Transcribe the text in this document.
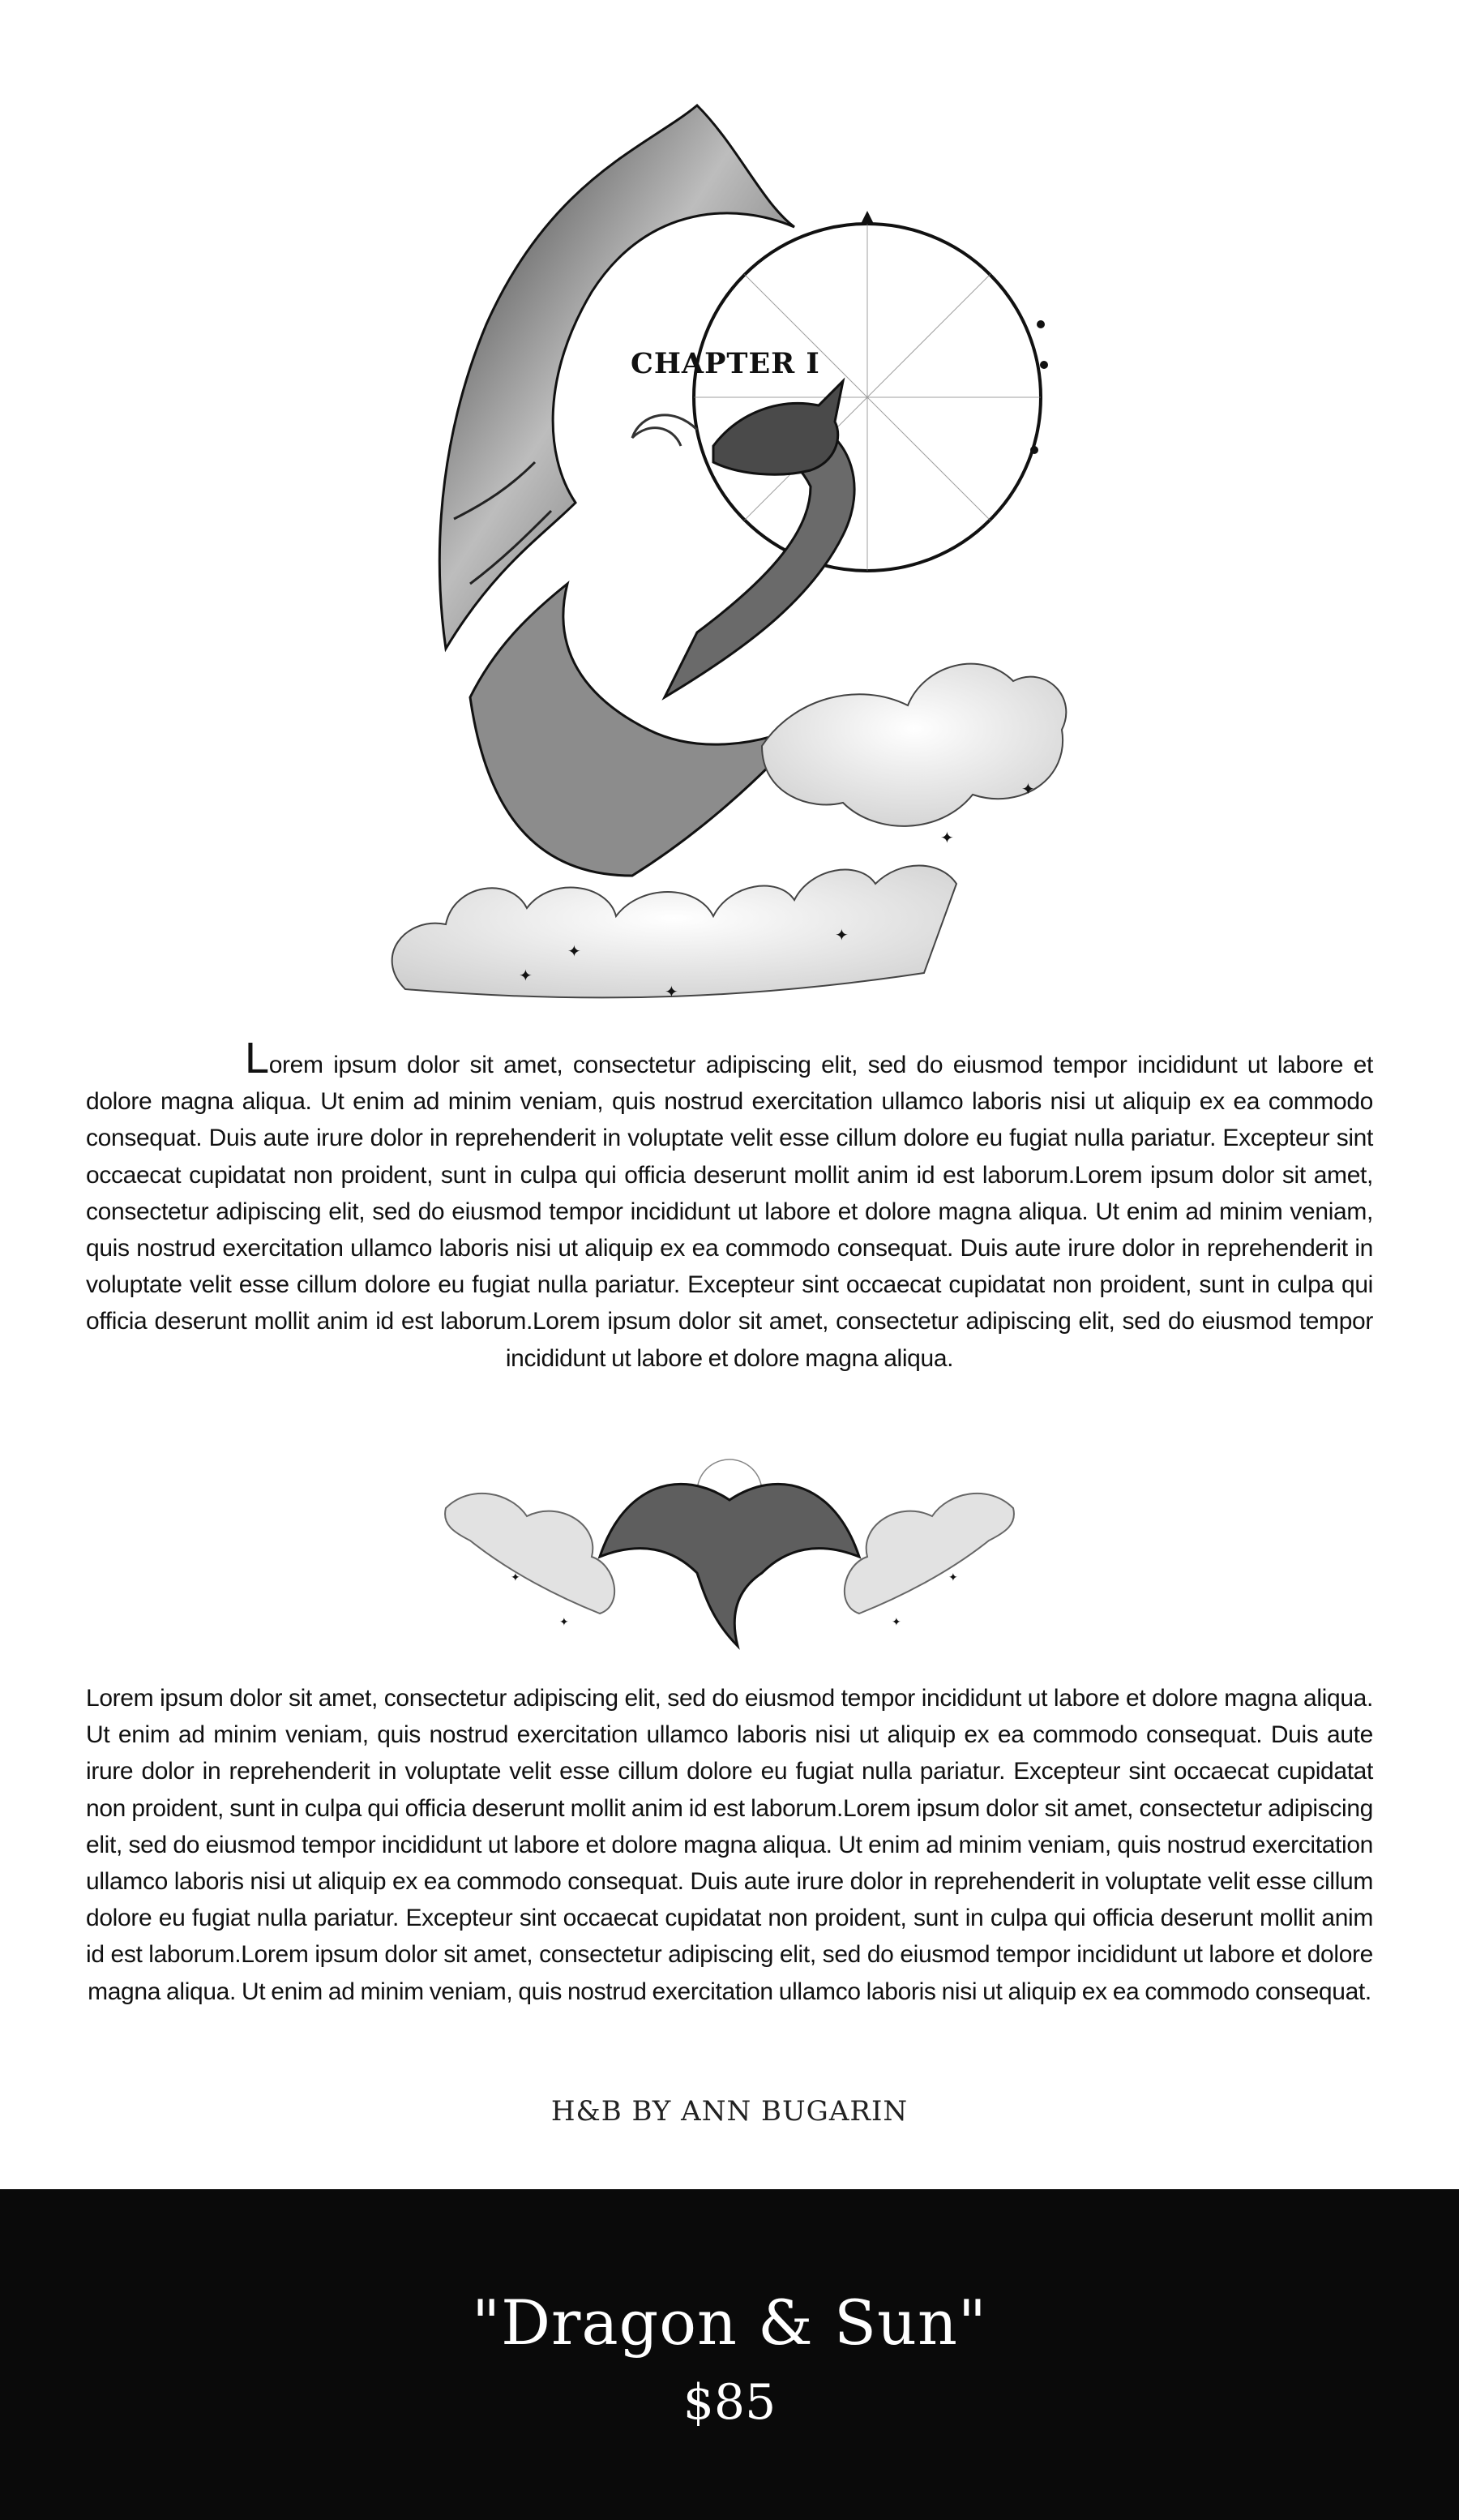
✦
✦
✦
✦
✦
✦
CHAPTER I

Lorem ipsum dolor sit amet, consectetur adipiscing elit, sed do eiusmod tempor incididunt ut labore et dolore magna aliqua. Ut enim ad minim veniam, quis nostrud exercitation ullamco laboris nisi ut aliquip ex ea commodo consequat. Duis aute irure dolor in reprehenderit in voluptate velit esse cillum dolore eu fugiat nulla pariatur. Excepteur sint occaecat cupidatat non proident, sunt in culpa qui officia deserunt mollit anim id est laborum.Lorem ipsum dolor sit amet, consectetur adipiscing elit, sed do eiusmod tempor incididunt ut labore et dolore magna aliqua. Ut enim ad minim veniam, quis nostrud exercitation ullamco laboris nisi ut aliquip ex ea commodo consequat. Duis aute irure dolor in reprehenderit in voluptate velit esse cillum dolore eu fugiat nulla pariatur. Excepteur sint occaecat cupidatat non proident, sunt in culpa qui officia deserunt mollit anim id est laborum.Lorem ipsum dolor sit amet, consectetur adipiscing elit, sed do eiusmod tempor incididunt ut labore et dolore magna aliqua.

✦	✦
✦	✦

Lorem ipsum dolor sit amet, consectetur adipiscing elit, sed do eiusmod tempor incididunt ut labore et dolore magna aliqua. Ut enim ad minim veniam, quis nostrud exercitation ullamco laboris nisi ut aliquip ex ea commodo consequat. Duis aute irure dolor in reprehenderit in voluptate velit esse cillum dolore eu fugiat nulla pariatur. Excepteur sint occaecat cupidatat non proident, sunt in culpa qui officia deserunt mollit anim id est laborum.Lorem ipsum dolor sit amet, consectetur adipiscing elit, sed do eiusmod tempor incididunt ut labore et dolore magna aliqua. Ut enim ad minim veniam, quis nostrud exercitation ullamco laboris nisi ut aliquip ex ea commodo consequat. Duis aute irure dolor in reprehenderit in voluptate velit esse cillum dolore eu fugiat nulla pariatur. Excepteur sint occaecat cupidatat non proident, sunt in culpa qui officia deserunt mollit anim id est laborum.Lorem ipsum dolor sit amet, consectetur adipiscing elit, sed do eiusmod tempor incididunt ut labore et dolore magna aliqua. Ut enim ad minim veniam, quis nostrud exercitation ullamco laboris nisi ut aliquip ex ea commodo consequat.

H&B BY ANN BUGARIN
"Dragon & Sun"
$85
